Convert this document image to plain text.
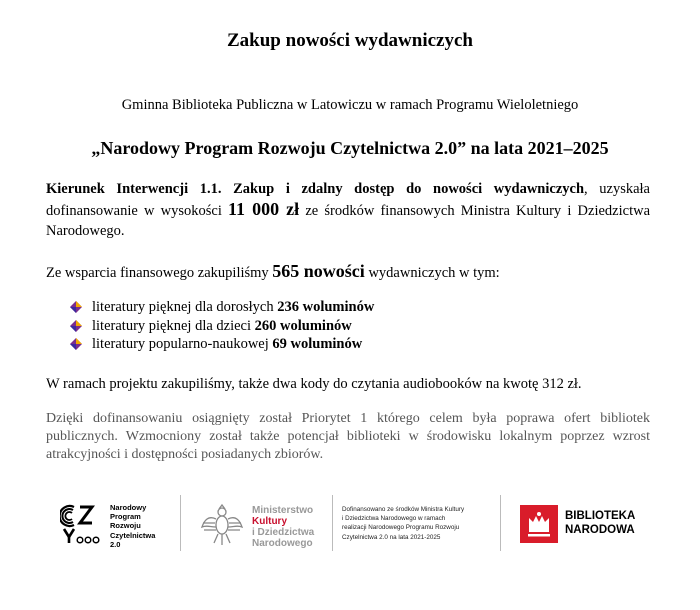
Zakup nowości wydawniczych
Gminna Biblioteka Publiczna w Latowiczu w ramach Programu Wieloletniego
„Narodowy Program Rozwoju Czytelnictwa 2.0” na lata 2021–2025
Kierunek Interwencji 1.1. Zakup i zdalny dostęp do nowości wydawniczych, uzyskała dofinansowanie w wysokości 11 000 zł ze środków finansowych Ministra Kultury i Dziedzictwa Narodowego.
Ze wsparcia finansowego zakupiliśmy 565 nowości wydawniczych w tym:
literatury pięknej dla dorosłych 236 woluminów
literatury pięknej dla dzieci 260 woluminów
literatury popularno-naukowej 69 woluminów
W ramach projektu zakupiliśmy, także dwa kody do czytania audiobooków na kwotę 312 zł.
Dzięki dofinansowaniu osiągnięty został Priorytet 1 którego celem była poprawa ofert bibliotek publicznych. Wzmocniony został także potencjał biblioteki w środowisku lokalnym poprzez wzrost atrakcyjności i dostępności posiadanych zbiorów.
Narodowy
Program
Rozwoju
Czytelnictwa
2.0
Ministerstwo
Kultury
i Dziedzictwa
Narodowego
Dofinansowano ze środków Ministra Kultury
i Dziedzictwa Narodowego w ramach
realizacji Narodowego Programu Rozwoju
Czytelnictwa 2.0 na lata 2021-2025
BIBLIOTEKA
NARODOWA
